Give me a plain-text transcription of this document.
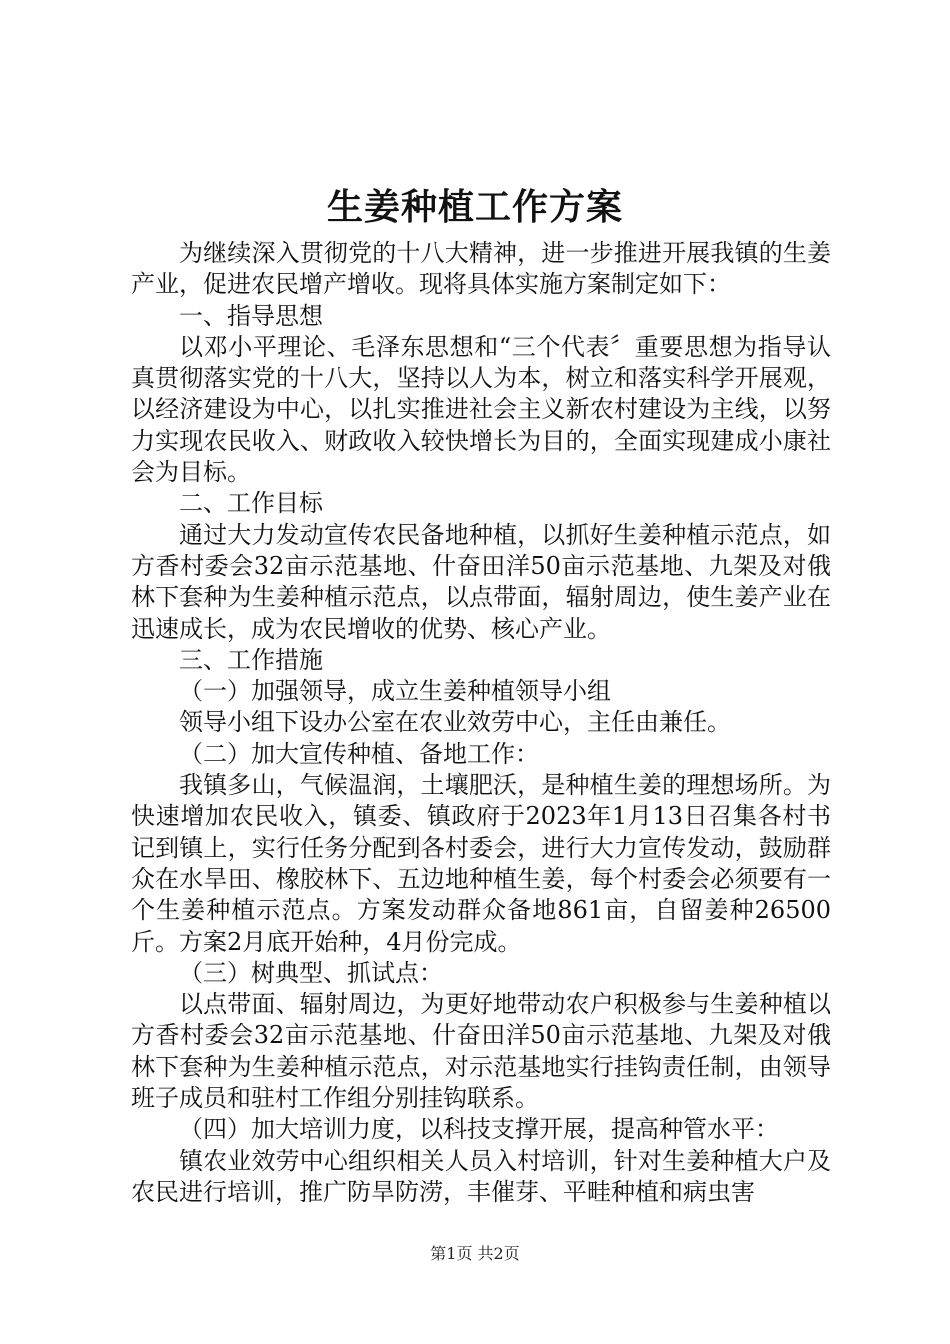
生姜种植工作方案

为继续深入贯彻党的十八大精神，进一步推进开展我镇的生姜产业，促进农民增产增收。现将具体实施方案制定如下：

一、指导思想

以邓小平理论、毛泽东思想和“三个代表〞重要思想为指导认真贯彻落实党的十八大，坚持以人为本，树立和落实科学开展观，以经济建设为中心，以扎实推进社会主义新农村建设为主线，以努力实现农民收入、财政收入较快增长为目的，全面实现建成小康社会为目标。

二、工作目标

通过大力发动宣传农民备地种植，以抓好生姜种植示范点，如方香村委会32亩示范基地、什奋田洋50亩示范基地、九架及对俄林下套种为生姜种植示范点，以点带面，辐射周边，使生姜产业在迅速成长，成为农民增收的优势、核心产业。

三、工作措施

（一）加强领导，成立生姜种植领导小组

领导小组下设办公室在农业效劳中心，主任由兼任。

（二）加大宣传种植、备地工作：

我镇多山，气候温润，土壤肥沃，是种植生姜的理想场所。为快速增加农民收入，镇委、镇政府于2023年1月13日召集各村书记到镇上，实行任务分配到各村委会，进行大力宣传发动，鼓励群众在水旱田、橡胶林下、五边地种植生姜，每个村委会必须要有一个生姜种植示范点。方案发动群众备地861亩，自留姜种26500斤。方案2月底开始种，4月份完成。

（三）树典型、抓试点：

以点带面、辐射周边，为更好地带动农户积极参与生姜种植以方香村委会32亩示范基地、什奋田洋50亩示范基地、九架及对俄林下套种为生姜种植示范点，对示范基地实行挂钩责任制，由领导班子成员和驻村工作组分别挂钩联系。

（四）加大培训力度，以科技支撑开展，提高种管水平：

镇农业效劳中心组织相关人员入村培训，针对生姜种植大户及农民进行培训，推广防旱防涝，丰催芽、平畦种植和病虫害

第1页 共2页
